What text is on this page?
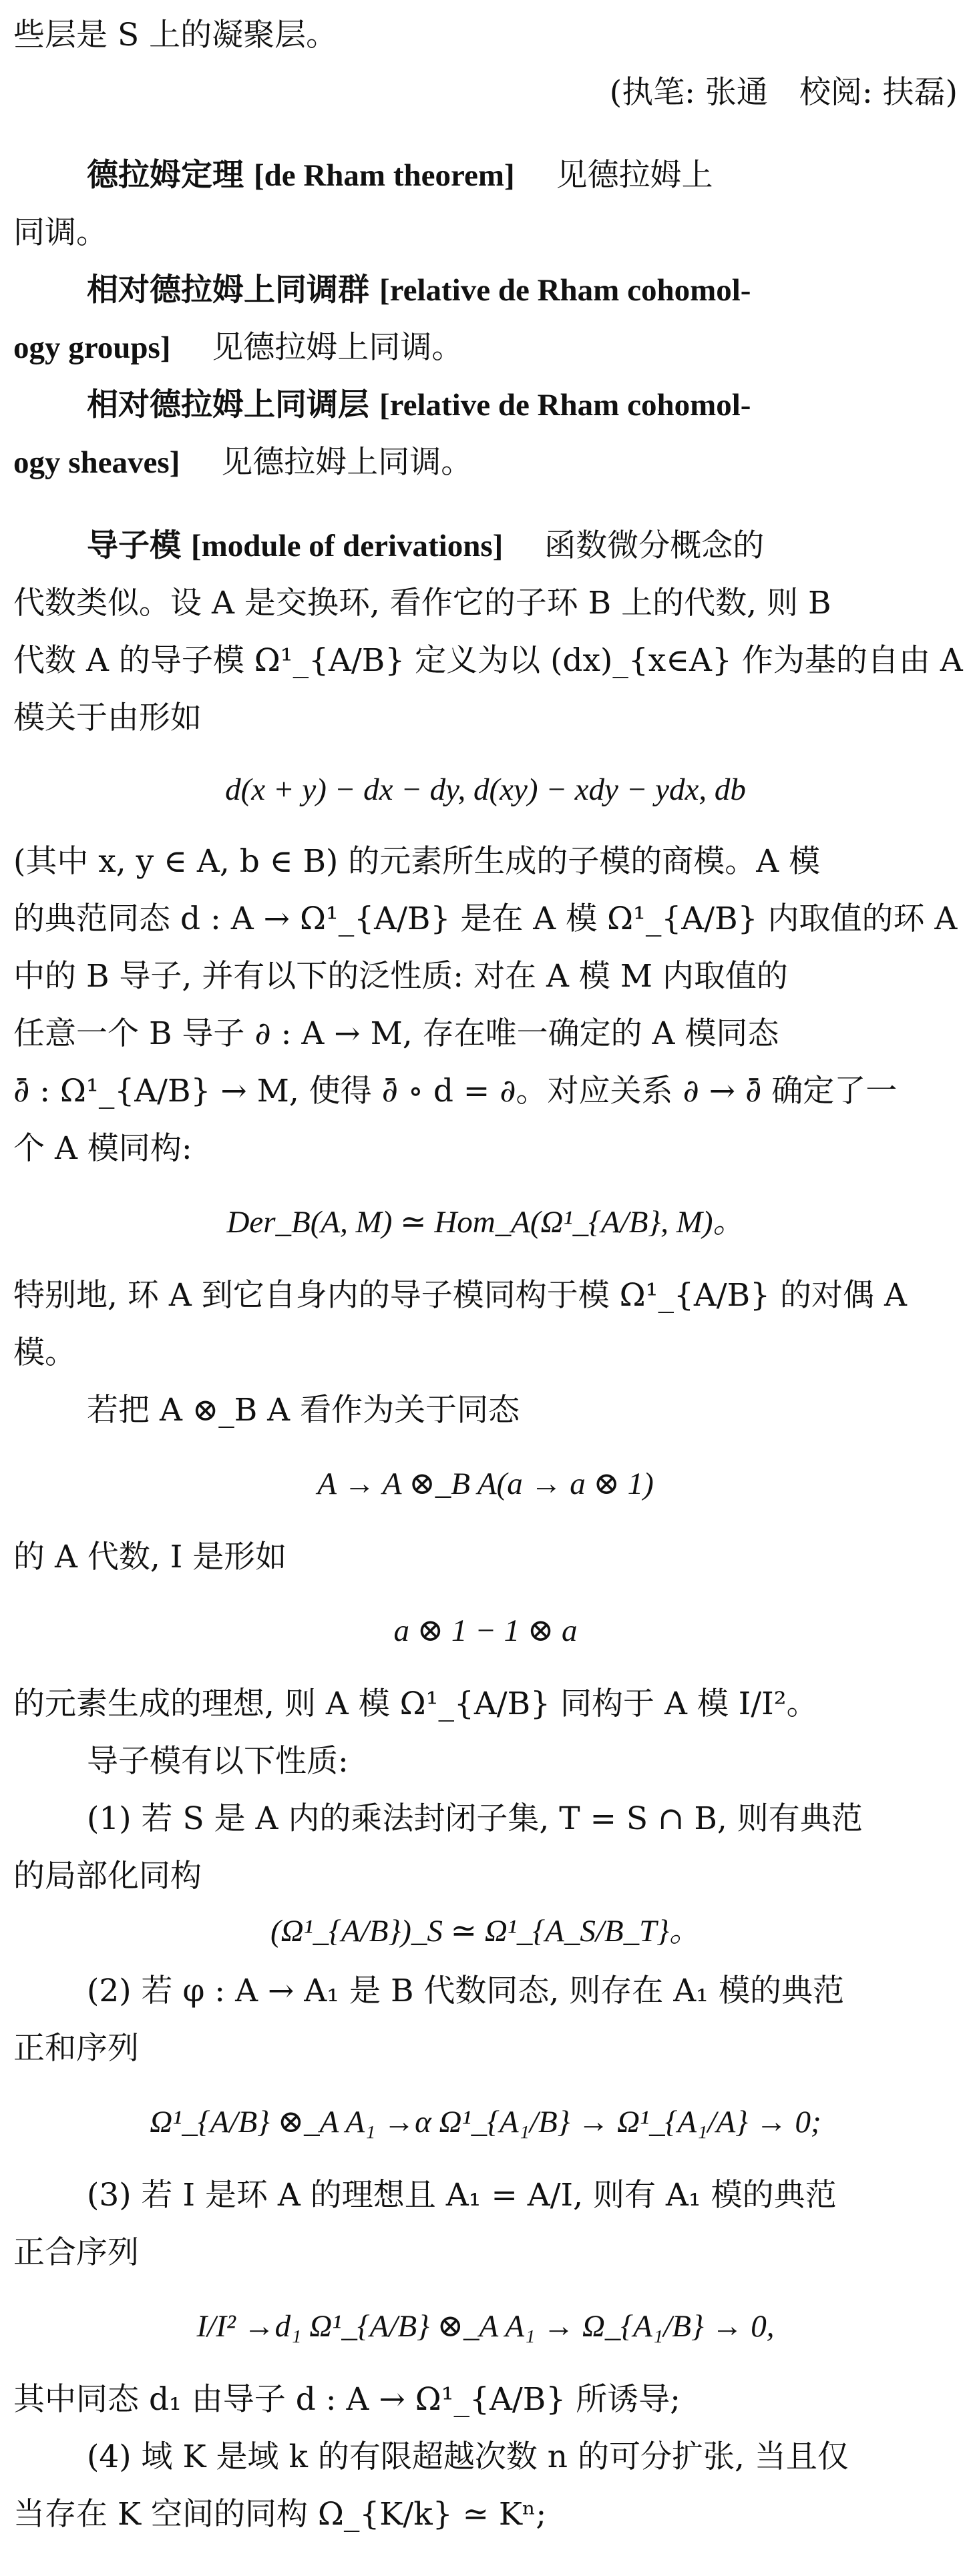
些层是 S 上的凝聚层。
(执笔: 张通　校阅: 扶磊)
德拉姆定理 [de Rham theorem] 　见德拉姆上
同调。
相对德拉姆上同调群 [relative de Rham cohomol-
ogy groups] 　见德拉姆上同调。
相对德拉姆上同调层 [relative de Rham cohomol-
ogy sheaves] 　见德拉姆上同调。
导子模 [module of derivations] 　函数微分概念的
代数类似。设 A 是交换环, 看作它的子环 B 上的代数, 则 B
代数 A 的导子模 Ω¹_{A/B} 定义为以 (dx)_{x∈A} 作为基的自由 A
模关于由形如
d(x + y) − dx − dy, d(xy) − xdy − ydx, db
(其中 x, y ∈ A, b ∈ B) 的元素所生成的子模的商模。A 模
的典范同态 d : A → Ω¹_{A/B} 是在 A 模 Ω¹_{A/B} 内取值的环 A
中的 B 导子, 并有以下的泛性质: 对在 A 模 M 内取值的
任意一个 B 导子 ∂ : A → M, 存在唯一确定的 A 模同态
∂̄ : Ω¹_{A/B} → M, 使得 ∂̄ ∘ d = ∂。对应关系 ∂ → ∂̄ 确定了一
个 A 模同构:
Der_B(A, M) ≃ Hom_A(Ω¹_{A/B}, M)。
特别地, 环 A 到它自身内的导子模同构于模 Ω¹_{A/B} 的对偶 A
模。
若把 A ⊗_B A 看作为关于同态
A → A ⊗_B A(a → a ⊗ 1)
的 A 代数, I 是形如
a ⊗ 1 − 1 ⊗ a
的元素生成的理想, 则 A 模 Ω¹_{A/B} 同构于 A 模 I/I²。
导子模有以下性质:
(1) 若 S 是 A 内的乘法封闭子集, T = S ∩ B, 则有典范
的局部化同构
(Ω¹_{A/B})_S ≃ Ω¹_{A_S/B_T}。
(2) 若 φ : A → A₁ 是 B 代数同态, 则存在 A₁ 模的典范
正和序列
Ω¹_{A/B} ⊗_A A₁ →α Ω¹_{A₁/B} → Ω¹_{A₁/A} → 0;
(3) 若 I 是环 A 的理想且 A₁ = A/I, 则有 A₁ 模的典范
正合序列
I/I² →d₁ Ω¹_{A/B} ⊗_A A₁ → Ω_{A₁/B} → 0,
其中同态 d₁ 由导子 d : A → Ω¹_{A/B} 所诱导;
(4) 域 K 是域 k 的有限超越次数 n 的可分扩张, 当且仅
当存在 K 空间的同构 Ω_{K/k} ≃ Kⁿ;
